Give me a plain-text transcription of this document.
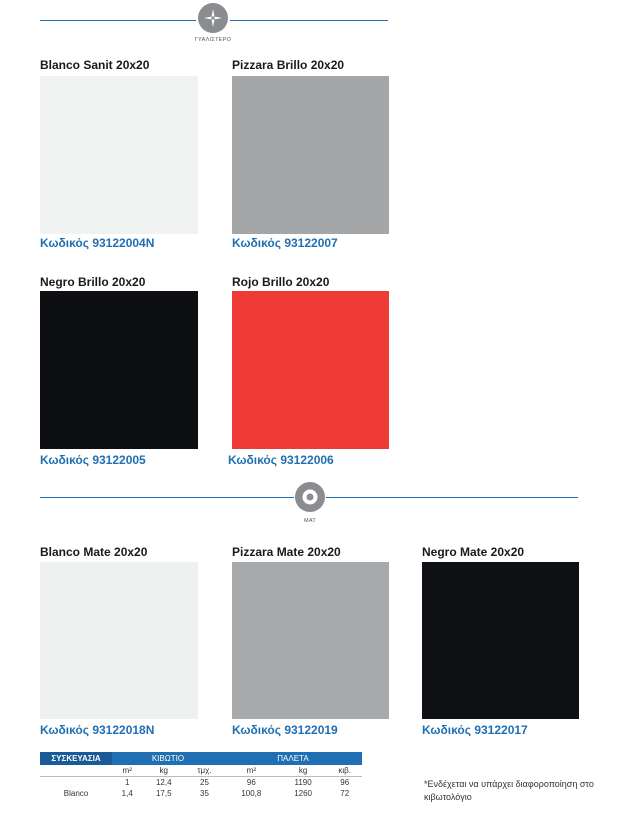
ΓΥΑΛΙΣΤΕΡΟ
Blanco Sanit 20x20
Κωδικός 93122004N
Pizzara Brillo 20x20
Κωδικός 93122007
Negro Brillo 20x20
Κωδικός 93122005
Rojo Brillo 20x20
Κωδικός 93122006
ΜΑΤ
Blanco Mate 20x20
Κωδικός 93122018N
Pizzara Mate 20x20
Κωδικός 93122019
Negro Mate 20x20
Κωδικός 93122017
ΣΥΣΚΕΥΑΣΙΑ	ΚΙΒΩΤΙΟ			ΠΑΛΕΤΑ		
	m²	kg	τμχ.	m²	kg	κιβ.
	1	12,4	25	96	1190	96
Blanco	1,4	17,5	35	100,8	1260	72
*Ενδέχεται να υπάρχει διαφοροποίηση στο κιβωτολόγιο
